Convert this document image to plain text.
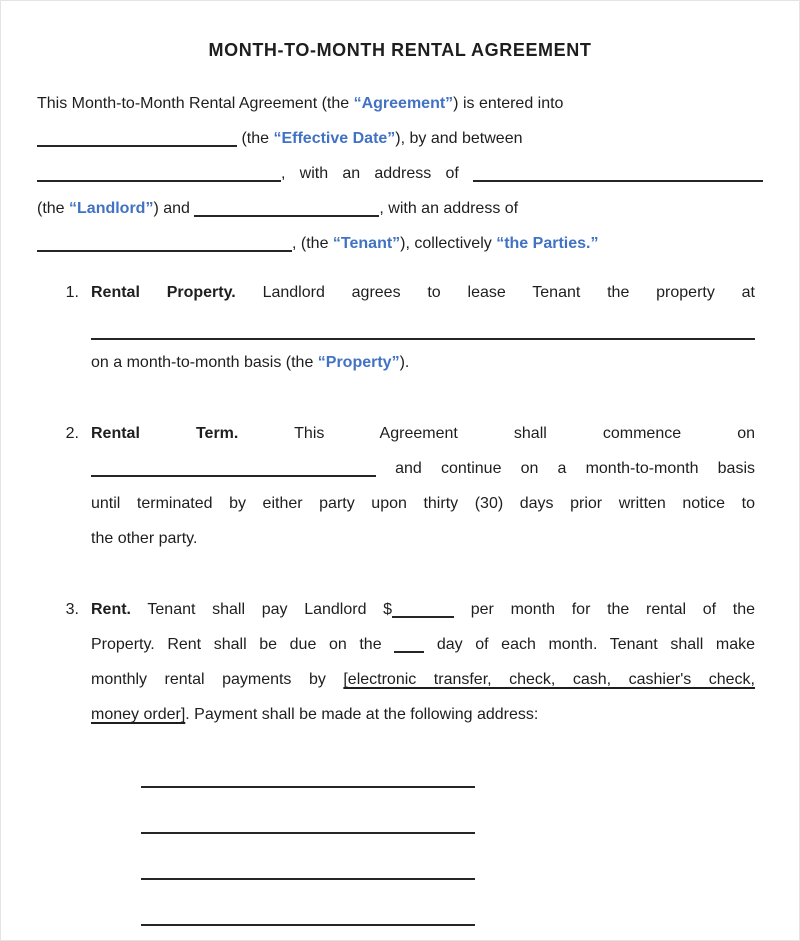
MONTH-TO-MONTH RENTAL AGREEMENT
This Month-to-Month Rental Agreement (the “Agreement”) is entered into
(the “Effective Date”), by and between
, with an address of
(the “Landlord”) and	, with an address of
, (the “Tenant”), collectively “the Parties.”
1. Rental Property. Landlord agrees to lease Tenant the property at
on a month-to-month basis (the “Property”).
2. Rental Term. This Agreement shall commence on
and continue on a month-to-month basis
until terminated by either party upon thirty (30) days prior written notice to
the other party.
3. Rent. Tenant shall pay Landlord $	per month for the rental of the
Property. Rent shall be due on the  day of each month. Tenant shall make
monthly rental payments by [electronic transfer, check, cash, cashier's check,
money order]. Payment shall be made at the following address:
